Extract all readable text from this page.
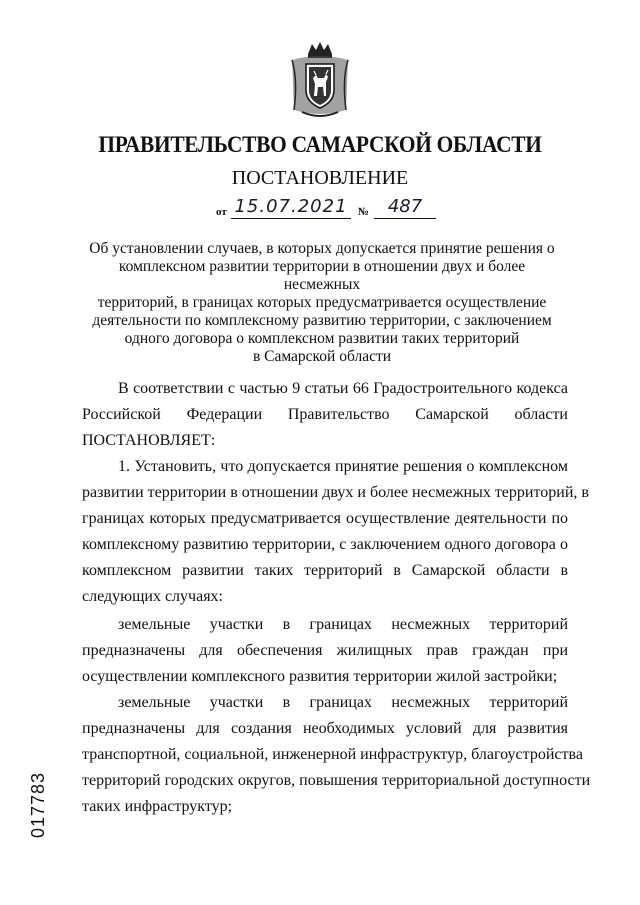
ПРАВИТЕЛЬСТВО САМАРСКОЙ ОБЛАСТИ
ПОСТАНОВЛЕНИЕ
от 15.07.2021 №	487
Об установлении случаев, в которых допускается принятие решения о
комплексном развитии территории в отношении двух и более несмежных
территорий, в границах которых предусматривается осуществление
деятельности по комплексному развитию территории, с заключением
одного договора о комплексном развитии таких территорий
в Самарской области
В соответствии с частью 9 статьи 66 Градостроительного кодекса
Российской Федерации Правительство Самарской области
ПОСТАНОВЛЯЕТ:
1. Установить, что допускается принятие решения о комплексном
развитии территории в отношении двух и более несмежных территорий, в
границах которых предусматривается осуществление деятельности по
комплексному развитию территории, с заключением одного договора о
комплексном развитии таких территорий в Самарской области в
следующих случаях:
земельные участки в границах несмежных территорий
предназначены для обеспечения жилищных прав граждан при
осуществлении комплексного развития территории жилой застройки;
земельные участки в границах несмежных территорий
предназначены для создания необходимых условий для развития
транспортной, социальной, инженерной инфраструктур, благоустройства
территорий городских округов, повышения территориальной доступности
таких инфраструктур;
017783
